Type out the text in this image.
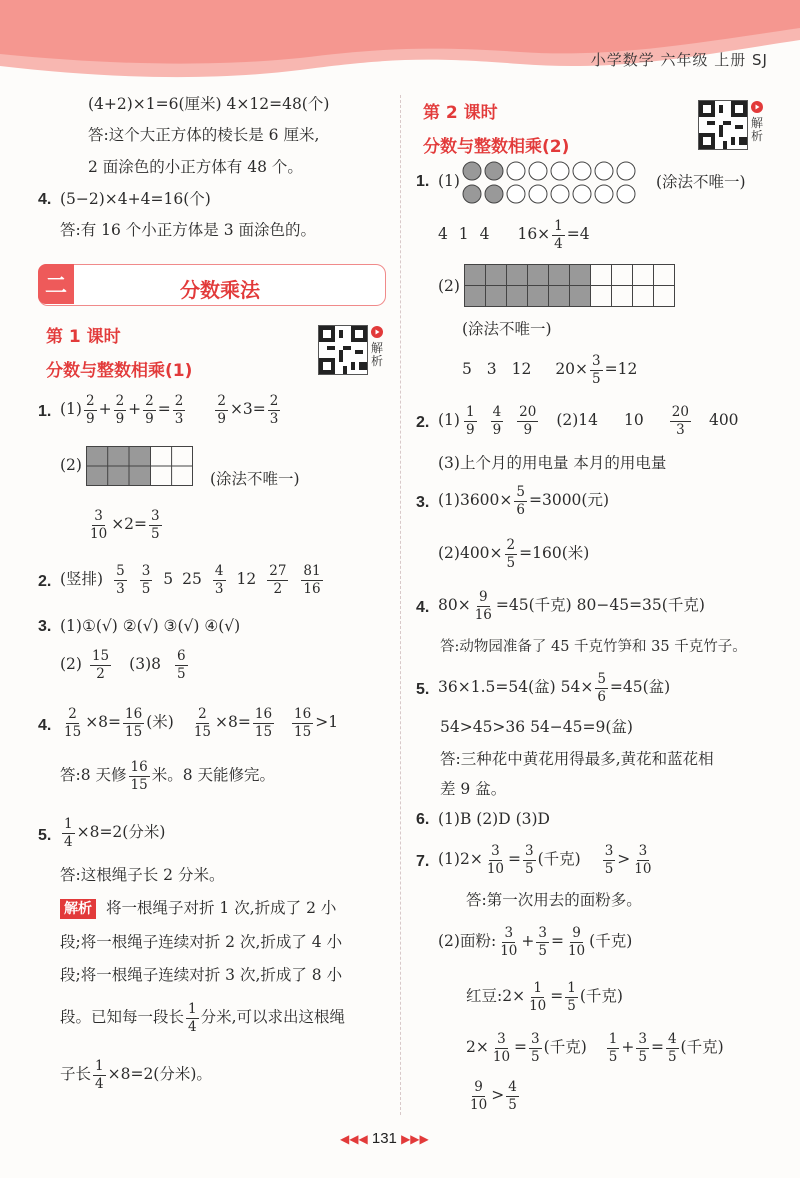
小学数学 六年级 上册 SJ
(4+2)×1=6(厘米) 4×12=48(个)
答:这个大正方体的棱长是 6 厘米,
2 面涂色的小正方体有 48 个。
4. (5−2)×4+4=16(个)
答:有 16 个小正方体是 3 面涂色的。
二	分数乘法
第 1 课时
分数与整数相乘(1)
解析
1. $(1) \frac{2}{9} + \frac{2}{9} + \frac{2}{9} = \frac{2}{3} \frac{2}{9} \times 3= \frac{2}{3}$
(2)
(涂法不唯一)
$\frac{3}{10} \times 2= \frac{3}{5}$
2. (竖排) $\frac{5}{3} \frac{3}{5} 5$ $25 \frac{4}{3} 12 \frac{27}{2} \frac{81}{16}$
3. (1)①(√) ②(√) ③(√) ④(√)
$(2) \frac{15}{2} (3)8 \frac{6}{5}$
4. $\frac{2}{15} \times 8= \frac{16}{15}$ (米) $\frac{2}{15} \times 8= \frac{16}{15} \frac{16}{15} >1$
答:8 天修 $\frac{16}{15}$ 米。8 天能修完。
5. $\frac{1}{4} \times 8=2$(分米)
答:这根绳子长 2 分米。
解析 将一根绳子对折 1 次,折成了 2 小
段;将一根绳子连续对折 2 次,折成了 4 小
段;将一根绳子连续对折 3 次,折成了 8 小
段。已知每一段长 $\frac{1}{4}$ 分米,可以求出这根绳
子长 $\frac{1}{4} \times 8=2$(分米)。
第 2 课时
分数与整数相乘(2)
解析
1. (1)	(涂法不唯一)
4 1 4 $16\times \frac{1}{4} =4$
(2)
(涂法不唯一)
5 3 12 $20\times \frac{3}{5} =12$
2. $(1) \frac{1}{9} \frac{4}{9} \frac{20}{9} (2)14$ $10 \frac{20}{3} 400$
(3)上个月的用电量 本月的用电量
3. $(1)3600\times \frac{5}{6} =3000$(元)
$(2)400\times \frac{2}{5} =160$(米)
4. $80\times \frac{9}{16} =45$(千克) 80−45=35(千克)
答:动物园准备了 45 千克竹笋和 35 千克竹子。
5. 36×1.5=54(盆) $54\times \frac{5}{6} =45$(盆)
54>45>36 54−45=9(盆)
答:三种花中黄花用得最多,黄花和蓝花相
差 9 盆。
6. (1)B (2)D (3)D
7. $(1)2\times \frac{3}{10} = \frac{3}{5}$ (千克) $\frac{3}{5} > \frac{3}{10}$
答:第一次用去的面粉多。
(2)面粉: $\frac{3}{10} + \frac{3}{5} = \frac{9}{10}$ (千克)
红豆:2× $\frac{1}{10} = \frac{1}{5}$ (千克)
$2\times \frac{3}{10} = \frac{3}{5}$ (千克) $\frac{1}{5} + \frac{3}{5} = \frac{4}{5}$ (千克)
$\frac{9}{10} > \frac{4}{5}$
◀◀◀ 131 ▶▶▶
